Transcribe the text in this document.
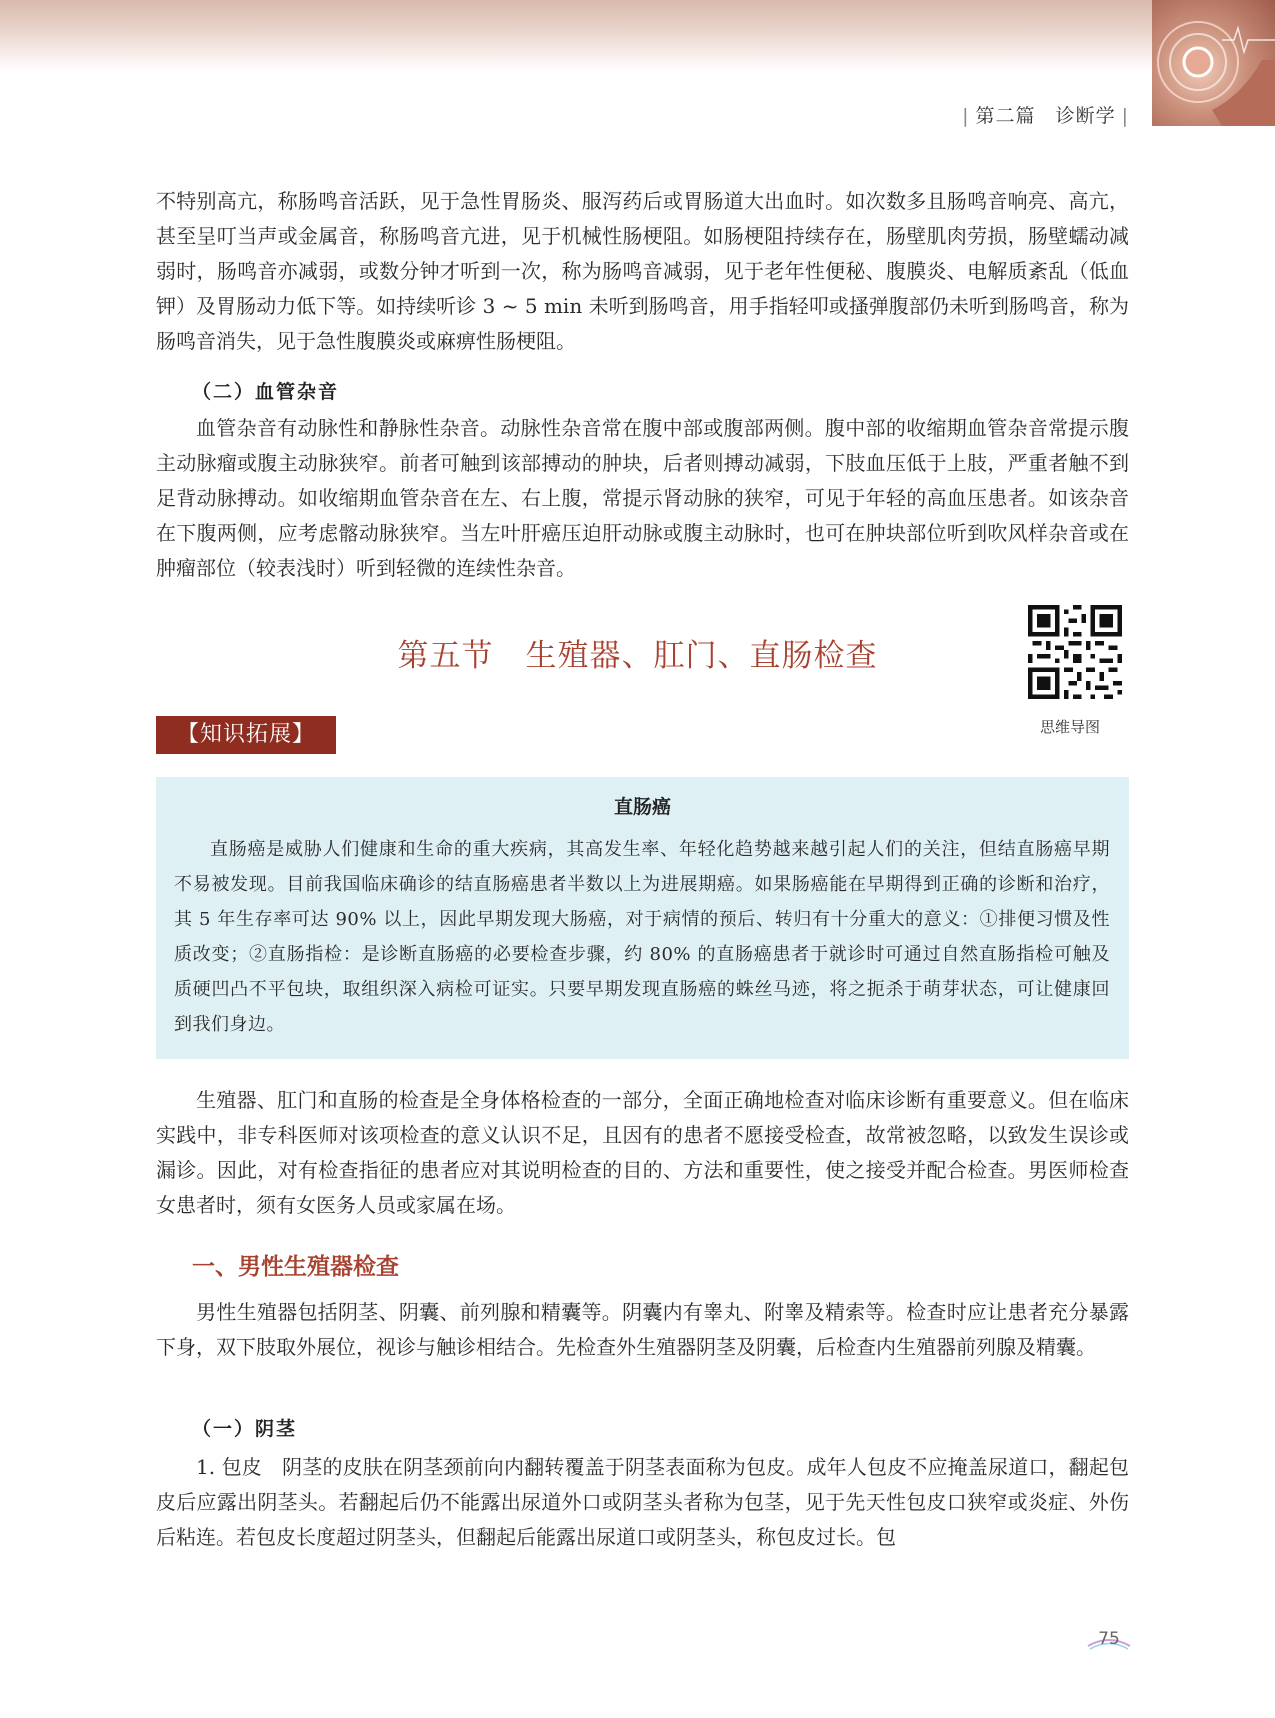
| 第二篇　 诊断学 |

不特别高亢，称肠鸣音活跃，见于急性胃肠炎、服泻药后或胃肠道大出血时。如次数多且肠鸣音响亮、高亢，甚至呈叮当声或金属音，称肠鸣音亢进，见于机械性肠梗阻。如肠梗阻持续存在，肠壁肌肉劳损，肠壁蠕动减弱时，肠鸣音亦减弱，或数分钟才听到一次，称为肠鸣音减弱，见于老年性便秘、腹膜炎、电解质紊乱（低血钾）及胃肠动力低下等。如持续听诊 3 ~ 5 min 未听到肠鸣音，用手指轻叩或搔弹腹部仍未听到肠鸣音，称为肠鸣音消失，见于急性腹膜炎或麻痹性肠梗阻。

（二）血管杂音

血管杂音有动脉性和静脉性杂音。动脉性杂音常在腹中部或腹部两侧。腹中部的收缩期血管杂音常提示腹主动脉瘤或腹主动脉狭窄。前者可触到该部搏动的肿块，后者则搏动减弱，下肢血压低于上肢，严重者触不到足背动脉搏动。如收缩期血管杂音在左、右上腹，常提示肾动脉的狭窄，可见于年轻的高血压患者。如该杂音在下腹两侧，应考虑髂动脉狭窄。当左叶肝癌压迫肝动脉或腹主动脉时，也可在肿块部位听到吹风样杂音或在肿瘤部位（较表浅时）听到轻微的连续性杂音。

第五节 生殖器、肛门、直肠检查
思维导图
【知识拓展】
直肠癌

直肠癌是威胁人们健康和生命的重大疾病，其高发生率、年轻化趋势越来越引起人们的关注，但结直肠癌早期不易被发现。目前我国临床确诊的结直肠癌患者半数以上为进展期癌。如果肠癌能在早期得到正确的诊断和治疗，其 5 年生存率可达 90% 以上，因此早期发现大肠癌，对于病情的预后、转归有十分重大的意义：①排便习惯及性质改变；②直肠指检：是诊断直肠癌的必要检查步骤，约 80% 的直肠癌患者于就诊时可通过自然直肠指检可触及质硬凹凸不平包块，取组织深入病检可证实。只要早期发现直肠癌的蛛丝马迹，将之扼杀于萌芽状态，可让健康回到我们身边。

生殖器、肛门和直肠的检查是全身体格检查的一部分，全面正确地检查对临床诊断有重要意义。但在临床实践中，非专科医师对该项检查的意义认识不足，且因有的患者不愿接受检查，故常被忽略，以致发生误诊或漏诊。因此，对有检查指征的患者应对其说明检查的目的、方法和重要性，使之接受并配合检查。男医师检查女患者时，须有女医务人员或家属在场。

一、男性生殖器检查

男性生殖器包括阴茎、阴囊、前列腺和精囊等。阴囊内有睾丸、附睾及精索等。检查时应让患者充分暴露下身，双下肢取外展位，视诊与触诊相结合。先检查外生殖器阴茎及阴囊，后检查内生殖器前列腺及精囊。

（一）阴茎

1. 包皮　阴茎的皮肤在阴茎颈前向内翻转覆盖于阴茎表面称为包皮。成年人包皮不应掩盖尿道口，翻起包皮后应露出阴茎头。若翻起后仍不能露出尿道外口或阴茎头者称为包茎，见于先天性包皮口狭窄或炎症、外伤后粘连。若包皮长度超过阴茎头，但翻起后能露出尿道口或阴茎头，称包皮过长。包

75
